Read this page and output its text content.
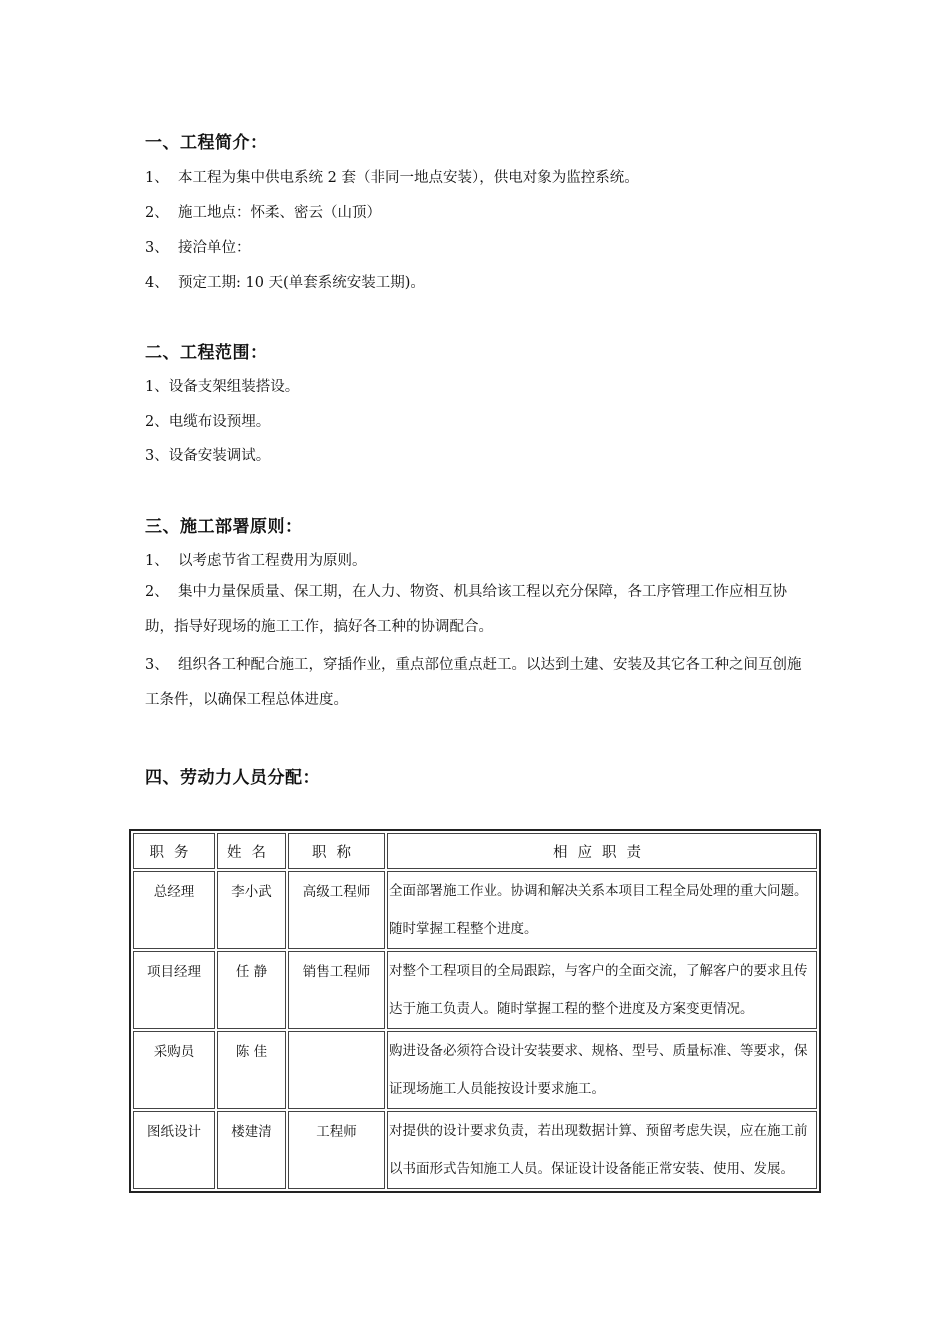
一、工程简介：
1、 本工程为集中供电系统 2 套（非同一地点安装），供电对象为监控系统。
2、 施工地点：怀柔、密云（山顶）
3、 接洽单位：
4、 预定工期: 10 天(单套系统安装工期)。
二、工程范围：
1、设备支架组装搭设。
2、电缆布设预埋。
3、设备安装调试。
三、施工部署原则：
1、 以考虑节省工程费用为原则。
2、 集中力量保质量、保工期，在人力、物资、机具给该工程以充分保障，各工序管理工作应相互协助，指导好现场的施工工作，搞好各工种的协调配合。
3、 组织各工种配合施工，穿插作业，重点部位重点赶工。以达到土建、安装及其它各工种之间互创施工条件，以确保工程总体进度。
四、劳动力人员分配：
职务	姓名	职称	相应职责
总经理	李小武	高级工程师	全面部署施工作业。协调和解决关系本项目工程全局处理的重大问题。随时掌握工程整个进度。
项目经理	任 静	销售工程师	对整个工程项目的全局跟踪，与客户的全面交流，了解客户的要求且传达于施工负责人。随时掌握工程的整个进度及方案变更情况。
采购员	陈 佳		购进设备必须符合设计安装要求、规格、型号、质量标准、等要求，保证现场施工人员能按设计要求施工。
图纸设计	楼建清	工程师	对提供的设计要求负责，若出现数据计算、预留考虑失误，应在施工前以书面形式告知施工人员。保证设计设备能正常安装、使用、发展。
